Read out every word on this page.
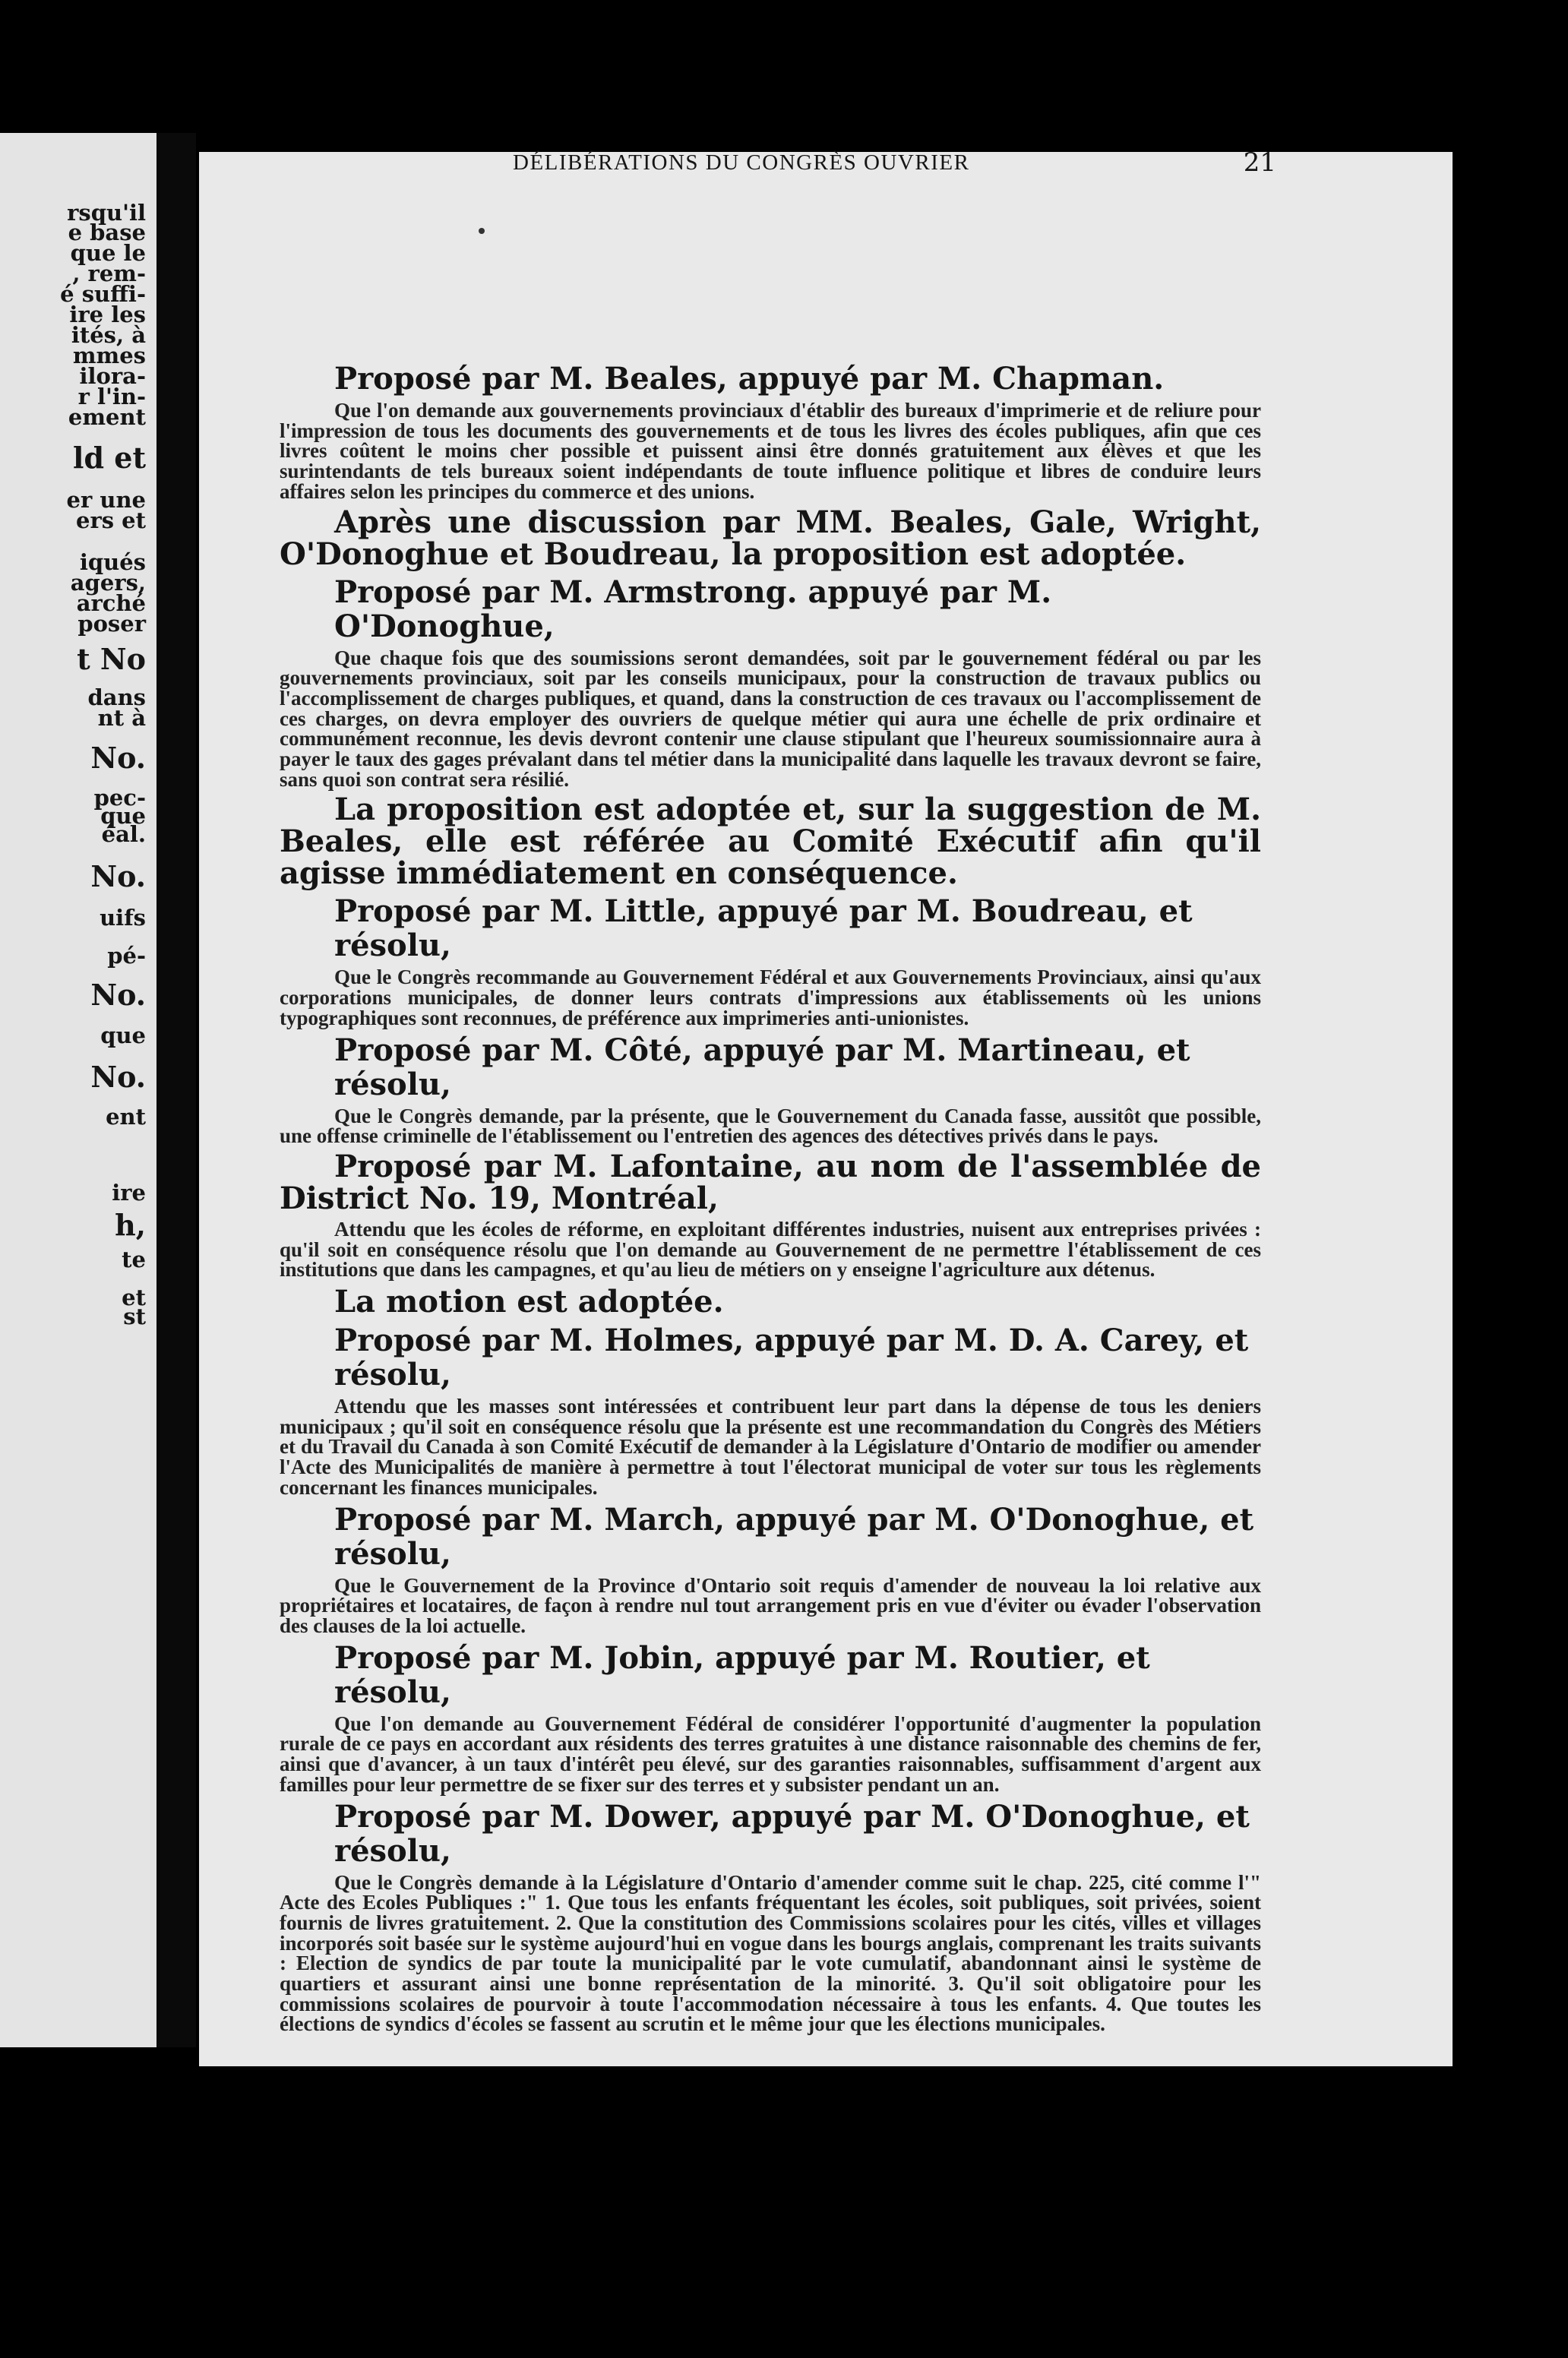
rsqu'il
e base
que le
, rem-
é suffi-
ire les
ités, à
mmes
ilora-
r l'in-
ement
ld et
er une
ers et
iqués
agers,
arché
poser
t No
dans
nt à
No.
pec-
que
éal.
No.
uifs
pé-
No.
que
No.
ent
ire
h,
te
et
st
DÉLIBÉRATIONS DU CONGRÈS OUVRIER	21
Proposé par M. Beales, appuyé par M. Chapman.
Que l'on demande aux gouvernements provinciaux d'établir des bureaux d'imprimerie et de reliure pour l'impression de tous les documents des gouvernements et de tous les livres des écoles publiques, afin que ces livres coûtent le moins cher possible et puissent ainsi être donnés gratuitement aux élèves et que les surintendants de tels bureaux soient indépendants de toute influence politique et libres de conduire leurs affaires selon les principes du commerce et des unions.
Après une discussion par MM. Beales, Gale, Wright, O'Donoghue et Boudreau, la proposition est adoptée.
Proposé par M. Armstrong. appuyé par M. O'Donoghue,
Que chaque fois que des soumissions seront demandées, soit par le gouvernement fédéral ou par les gouvernements provinciaux, soit par les conseils municipaux, pour la construction de travaux publics ou l'accomplissement de charges publiques, et quand, dans la construction de ces travaux ou l'accomplissement de ces charges, on devra employer des ouvriers de quelque métier qui aura une échelle de prix ordinaire et communément reconnue, les devis devront contenir une clause stipulant que l'heureux soumissionnaire aura à payer le taux des gages prévalant dans tel métier dans la municipalité dans laquelle les travaux devront se faire, sans quoi son contrat sera résilié.
La proposition est adoptée et, sur la suggestion de M. Beales, elle est référée au Comité Exécutif afin qu'il agisse immédiatement en conséquence.
Proposé par M. Little, appuyé par M. Boudreau, et résolu,
Que le Congrès recommande au Gouvernement Fédéral et aux Gouvernements Provinciaux, ainsi qu'aux corporations municipales, de donner leurs contrats d'impressions aux établissements où les unions typographiques sont reconnues, de préférence aux imprimeries anti-unionistes.
Proposé par M. Côté, appuyé par M. Martineau, et résolu,
Que le Congrès demande, par la présente, que le Gouvernement du Canada fasse, aussitôt que possible, une offense criminelle de l'établissement ou l'entretien des agences des détectives privés dans le pays.
Proposé par M. Lafontaine, au nom de l'assemblée de District No. 19, Montréal,
Attendu que les écoles de réforme, en exploitant différentes industries, nuisent aux entreprises privées : qu'il soit en conséquence résolu que l'on demande au Gouvernement de ne permettre l'établissement de ces institutions que dans les campagnes, et qu'au lieu de métiers on y enseigne l'agriculture aux détenus.
La motion est adoptée.
Proposé par M. Holmes, appuyé par M. D. A. Carey, et résolu,
Attendu que les masses sont intéressées et contribuent leur part dans la dépense de tous les deniers municipaux ; qu'il soit en conséquence résolu que la présente est une recommandation du Congrès des Métiers et du Travail du Canada à son Comité Exécutif de demander à la Législature d'Ontario de modifier ou amender l'Acte des Municipalités de manière à permettre à tout l'électorat municipal de voter sur tous les règlements concernant les finances municipales.
Proposé par M. March, appuyé par M. O'Donoghue, et résolu,
Que le Gouvernement de la Province d'Ontario soit requis d'amender de nouveau la loi relative aux propriétaires et locataires, de façon à rendre nul tout arrangement pris en vue d'éviter ou évader l'observation des clauses de la loi actuelle.
Proposé par M. Jobin, appuyé par M. Routier, et résolu,
Que l'on demande au Gouvernement Fédéral de considérer l'opportunité d'augmenter la population rurale de ce pays en accordant aux résidents des terres gratuites à une distance raisonnable des chemins de fer, ainsi que d'avancer, à un taux d'intérêt peu élevé, sur des garanties raisonnables, suffisamment d'argent aux familles pour leur permettre de se fixer sur des terres et y subsister pendant un an.
Proposé par M. Dower, appuyé par M. O'Donoghue, et résolu,
Que le Congrès demande à la Législature d'Ontario d'amender comme suit le chap. 225, cité comme l'" Acte des Ecoles Publiques :" 1. Que tous les enfants fréquentant les écoles, soit publiques, soit privées, soient fournis de livres gratuitement. 2. Que la constitution des Commissions scolaires pour les cités, villes et villages incorporés soit basée sur le système aujourd'hui en vogue dans les bourgs anglais, comprenant les traits suivants : Election de syndics de par toute la municipalité par le vote cumulatif, abandonnant ainsi le système de quartiers et assurant ainsi une bonne représentation de la minorité. 3. Qu'il soit obligatoire pour les commissions scolaires de pourvoir à toute l'accommodation nécessaire à tous les enfants. 4. Que toutes les élections de syndics d'écoles se fassent au scrutin et le même jour que les élections municipales.
